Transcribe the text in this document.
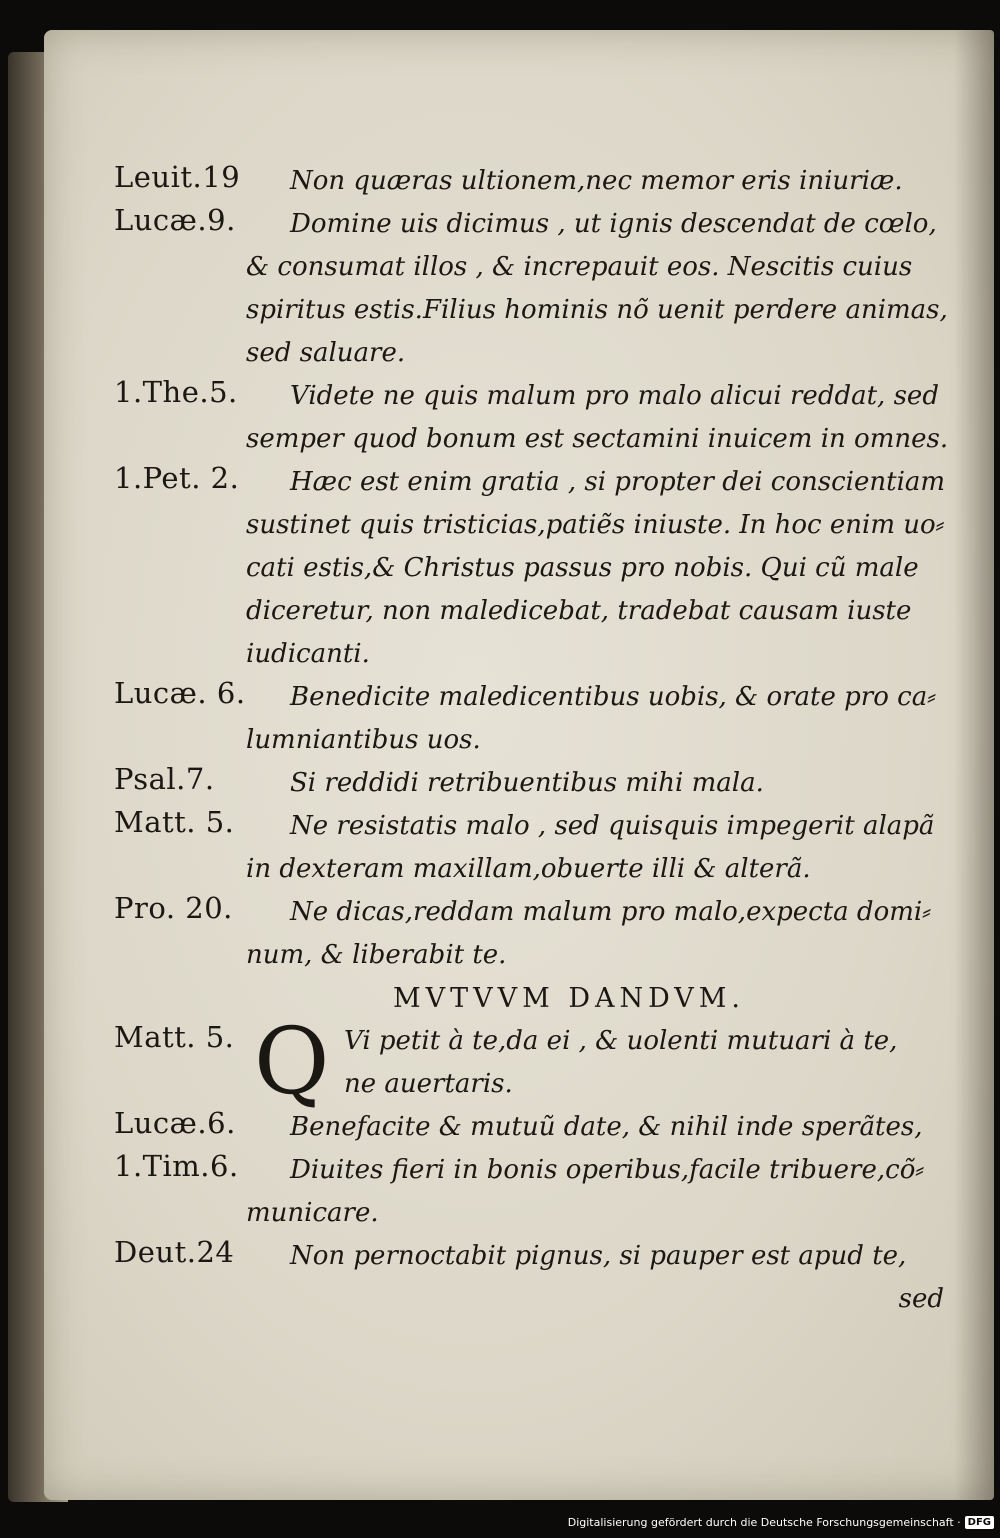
Leuit.19	Non quæras ultionem,nec memor eris iniuriæ.
Lucæ.9.	Domine uis dicimus , ut ignis descendat de cœlo,
& consumat illos , & increpauit eos. Nescitis cuius
spiritus estis.Filius hominis nõ uenit perdere animas,
sed saluare.
1.The.5.	Videte ne quis malum pro malo alicui reddat, sed
semper quod bonum est sectamini inuicem in omnes.
1.Pet. 2.	Hæc est enim gratia , si propter dei conscientiam
sustinet quis tristicias,patiẽs iniuste. In hoc enim uo⸗
cati estis,& Christus passus pro nobis. Qui cũ male
diceretur, non maledicebat, tradebat causam iuste
iudicanti.
Lucæ. 6.	Benedicite maledicentibus uobis, & orate pro ca⸗
lumniantibus uos.
Psal.7.	Si reddidi retribuentibus mihi mala.
Matt. 5.	Ne resistatis malo , sed quisquis impegerit alapã
in dexteram maxillam,obuerte illi & alterã.
Pro. 20.	Ne dicas,reddam malum pro malo,expecta domi⸗
num, & liberabit te.
MVTVVM DANDVM.
Matt. 5. Q Vi petit à te,da ei , & uolenti mutuari à te,
ne auertaris.
Lucæ.6.	Benefacite & mutuũ date, & nihil inde sperãtes,
1.Tim.6.	Diuites fieri in bonis operibus,facile tribuere,cõ⸗
municare.
Deut.24	Non pernoctabit pignus, si pauper est apud te,
sed
Digitalisierung gefördert durch die Deutsche Forschungsgemeinschaft · DFG
